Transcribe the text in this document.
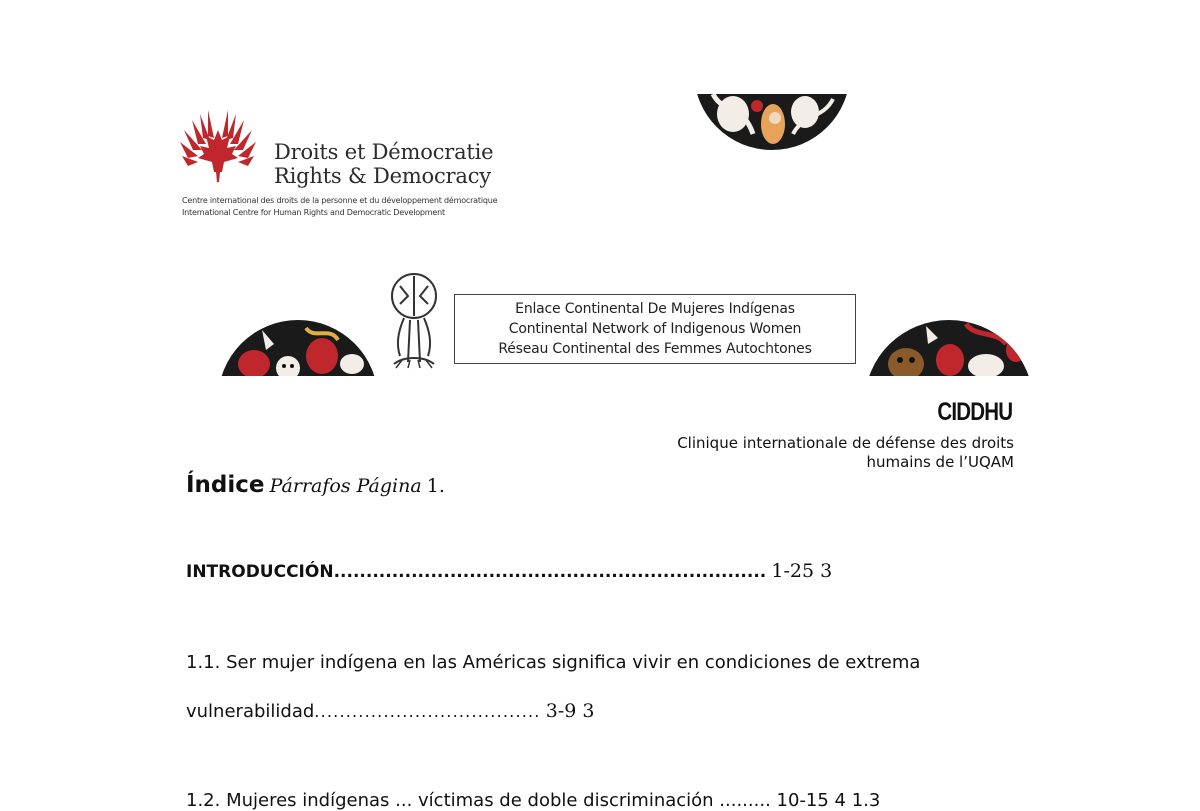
Droits et Démocratie
Rights & Democracy
Centre international des droits de la personne et du développement démocratique
International Centre for Human Rights and Democratic Development
Enlace Continental De Mujeres Indígenas
Continental Network of Indigenous Women
Réseau Continental des Femmes Autochtones
CIDDHU
Clinique internationale de défense des droits
humains de l’UQAM
Índice Párrafos Página 1.
INTRODUCCIÓN................................................................... 1-25 3
1.1. Ser mujer indígena en las Américas significa vivir en condiciones de extrema
vulnerabilidad.................................... 3-9 3
1.2. Mujeres indígenas ... víctimas de doble discriminación ......... 10-15 4 1.3
